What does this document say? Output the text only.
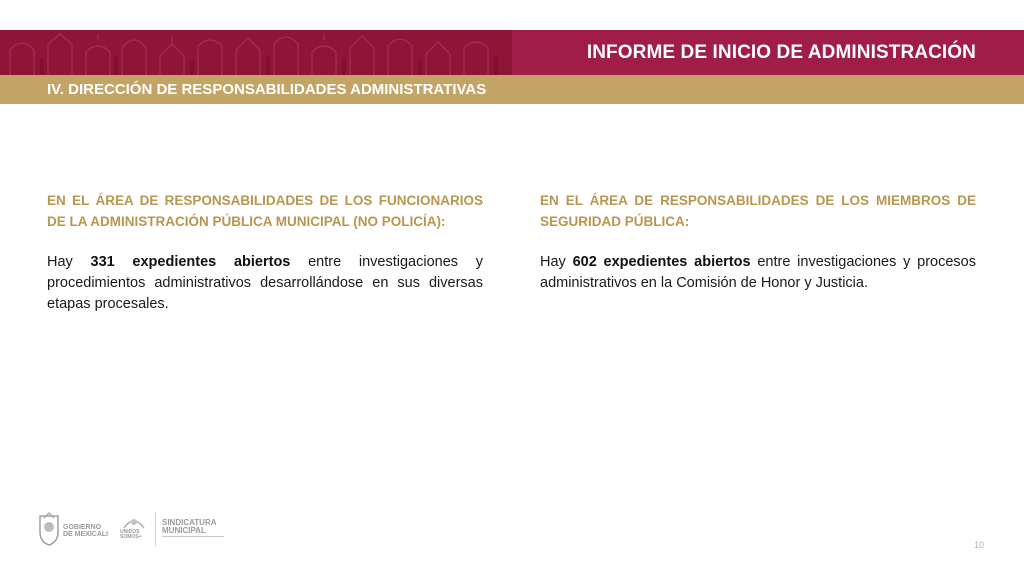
INFORME DE INICIO DE ADMINISTRACIÓN
IV. DIRECCIÓN DE RESPONSABILIDADES ADMINISTRATIVAS
EN EL ÁREA DE RESPONSABILIDADES DE LOS FUNCIONARIOS DE LA ADMINISTRACIÓN PÚBLICA MUNICIPAL (NO POLICÍA):

Hay 331 expedientes abiertos entre investigaciones y procedimientos administrativos desarrollándose en sus diversas etapas procesales.

EN EL ÁREA DE RESPONSABILIDADES DE LOS MIEMBROS DE SEGURIDAD PÚBLICA:

Hay 602 expedientes abiertos entre investigaciones y procesos administrativos en la Comisión de Honor y Justicia.

GOBIERNO
DE MEXICALI UNIDOS
SOMOS+
SINDICATURA
MUNICIPAL
10
